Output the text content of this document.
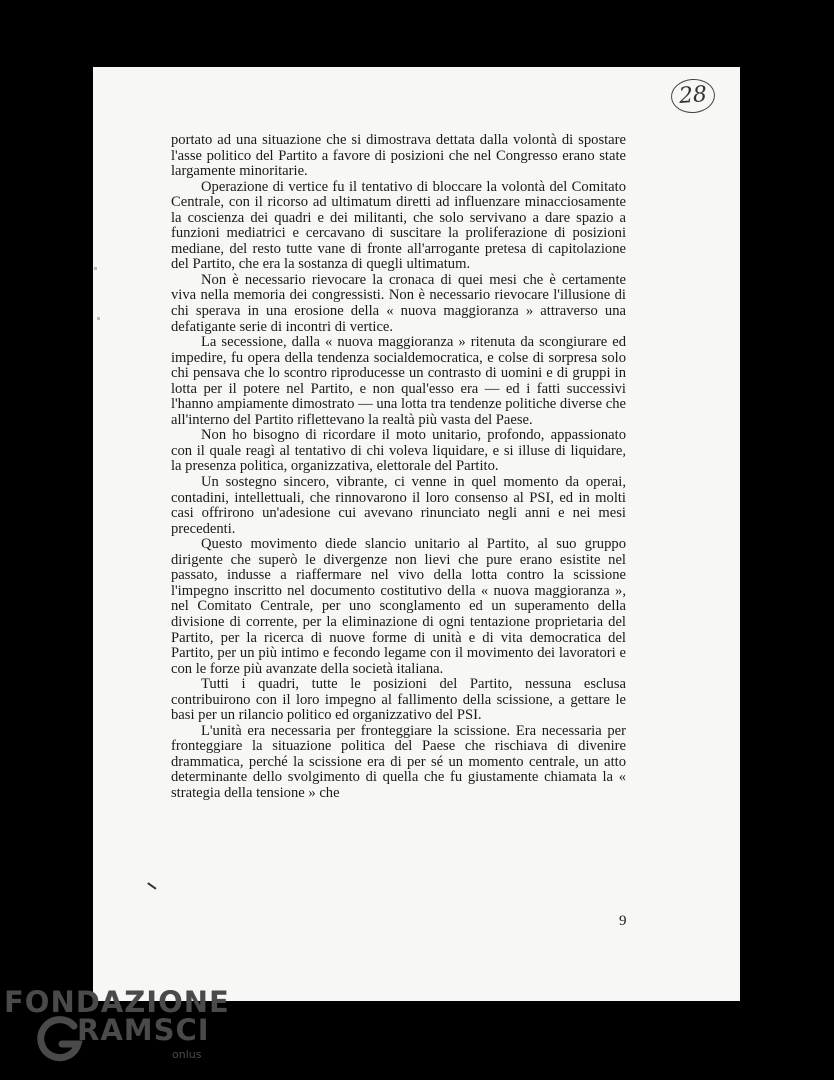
28

portato ad una situazione che si dimostrava dettata dalla volontà di spostare l'asse politico del Partito a favore di posizioni che nel Congresso erano state largamente minoritarie.

Operazione di vertice fu il tentativo di bloccare la volontà del Comitato Centrale, con il ricorso ad ultimatum diretti ad influenzare minacciosamente la coscienza dei quadri e dei militanti, che solo servivano a dare spazio a funzioni mediatrici e cercavano di suscitare la proliferazione di posizioni mediane, del resto tutte vane di fronte all'arrogante pretesa di capitolazione del Partito, che era la sostanza di quegli ultimatum.

Non è necessario rievocare la cronaca di quei mesi che è certamente viva nella memoria dei congressisti. Non è necessario rievocare l'illusione di chi sperava in una erosione della « nuova maggioranza » attraverso una defatigante serie di incontri di vertice.

La secessione, dalla « nuova maggioranza » ritenuta da scongiurare ed impedire, fu opera della tendenza socialdemocratica, e colse di sorpresa solo chi pensava che lo scontro riproducesse un contrasto di uomini e di gruppi in lotta per il potere nel Partito, e non qual'esso era — ed i fatti successivi l'hanno ampiamente dimostrato — una lotta tra tendenze politiche diverse che all'interno del Partito riflettevano la realtà più vasta del Paese.

Non ho bisogno di ricordare il moto unitario, profondo, appassionato con il quale reagì al tentativo di chi voleva liquidare, e si illuse di liquidare, la presenza politica, organizzativa, elettorale del Partito.

Un sostegno sincero, vibrante, ci venne in quel momento da operai, contadini, intellettuali, che rinnovarono il loro consenso al PSI, ed in molti casi offrirono un'adesione cui avevano rinunciato negli anni e nei mesi precedenti.

Questo movimento diede slancio unitario al Partito, al suo gruppo dirigente che superò le divergenze non lievi che pure erano esistite nel passato, indusse a riaffermare nel vivo della lotta contro la scissione l'impegno inscritto nel documento costitutivo della « nuova maggioranza », nel Comitato Centrale, per uno sconglamento ed un superamento della divisione di corrente, per la eliminazione di ogni tentazione proprietaria del Partito, per la ricerca di nuove forme di unità e di vita democratica del Partito, per un più intimo e fecondo legame con il movimento dei lavoratori e con le forze più avanzate della società italiana.

Tutti i quadri, tutte le posizioni del Partito, nessuna esclusa contribuirono con il loro impegno al fallimento della scissione, a gettare le basi per un rilancio politico ed organizzativo del PSI.

L'unità era necessaria per fronteggiare la scissione. Era necessaria per fronteggiare la situazione politica del Paese che rischiava di divenire drammatica, perché la scissione era di per sé un momento centrale, un atto determinante dello svolgimento di quella che fu giustamente chiamata la « strategia della tensione » che

9
FONDAZIONE
RAMSCI
onlus
